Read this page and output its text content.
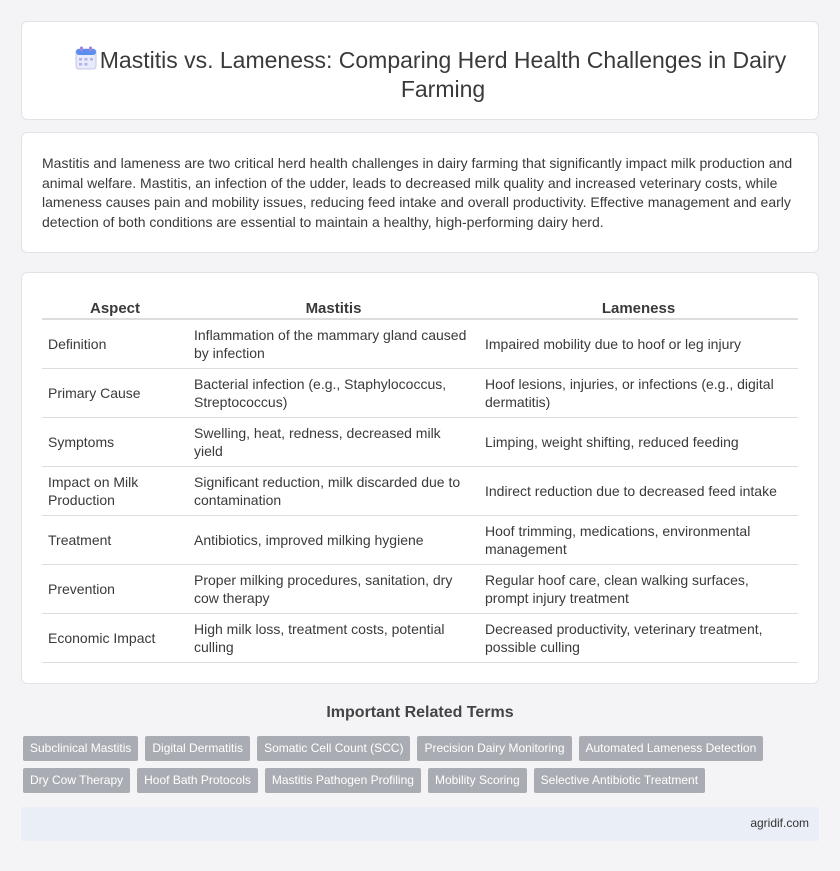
Mastitis vs. Lameness: Comparing Herd Health Challenges in Dairy Farming

Mastitis and lameness are two critical herd health challenges in dairy farming that significantly impact milk production and animal welfare. Mastitis, an infection of the udder, leads to decreased milk quality and increased veterinary costs, while lameness causes pain and mobility issues, reducing feed intake and overall productivity. Effective management and early detection of both conditions are essential to maintain a healthy, high-performing dairy herd.

Aspect	Mastitis	Lameness
Definition	Inflammation of the mammary gland caused by infection	Impaired mobility due to hoof or leg injury
Primary Cause	Bacterial infection (e.g., Staphylococcus, Streptococcus)	Hoof lesions, injuries, or infections (e.g., digital dermatitis)
Symptoms	Swelling, heat, redness, decreased milk yield	Limping, weight shifting, reduced feeding
Impact on Milk Production	Significant reduction, milk discarded due to contamination	Indirect reduction due to decreased feed intake
Treatment	Antibiotics, improved milking hygiene	Hoof trimming, medications, environmental management
Prevention	Proper milking procedures, sanitation, dry cow therapy	Regular hoof care, clean walking surfaces, prompt injury treatment
Economic Impact	High milk loss, treatment costs, potential culling	Decreased productivity, veterinary treatment, possible culling
Important Related Terms
Subclinical Mastitis	Digital Dermatitis	Somatic Cell Count (SCC)	Precision Dairy Monitoring	Automated Lameness Detection
Dry Cow Therapy	Hoof Bath Protocols	Mastitis Pathogen Profiling	Mobility Scoring	Selective Antibiotic Treatment
agridif.com
